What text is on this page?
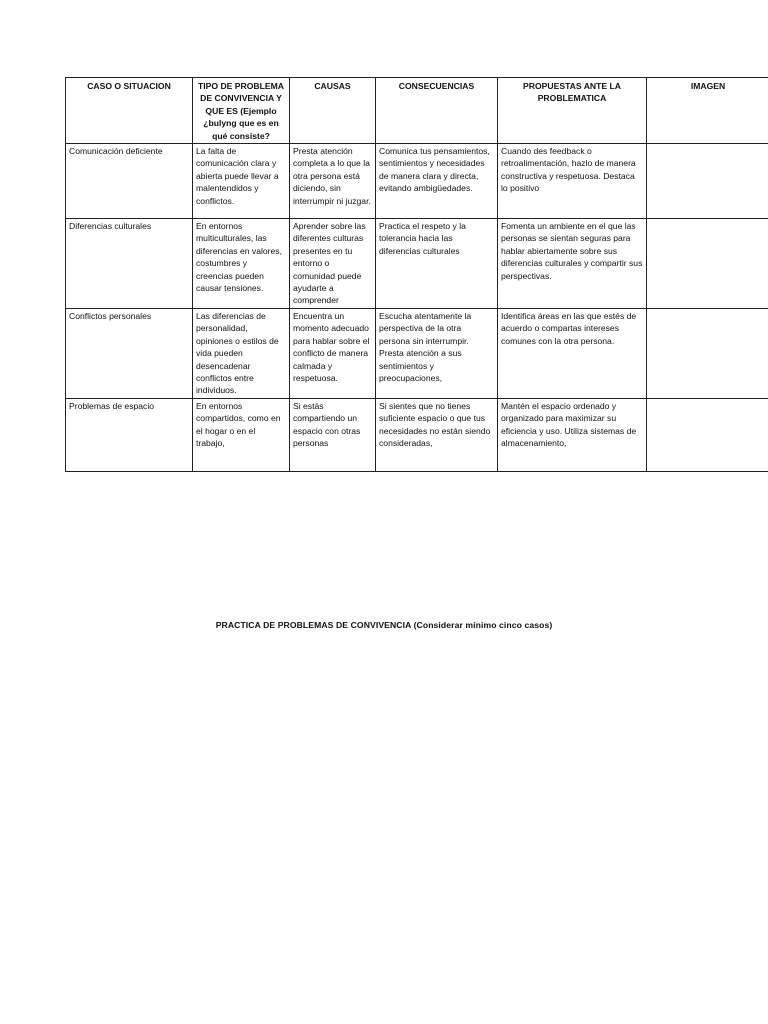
CASO O SITUACION	TIPO DE PROBLEMA DE CONVIVENCIA Y QUE ES (Ejemplo ¿bulyng que es en qué consiste?	CAUSAS	CONSECUENCIAS	PROPUESTAS ANTE LA PROBLEMATICA	IMAGEN
Comunicación deficiente	La falta de comunicación clara y abierta puede llevar a malentendidos y conflictos.	Presta atención completa a lo que la otra persona está diciendo, sin interrumpir ni juzgar.	Comunica tus pensamientos, sentimientos y necesidades de manera clara y directa, evitando ambigüedades.	Cuando des feedback o retroalimentación, hazlo de manera constructiva y respetuosa. Destaca lo positivo	
Diferencias culturales	En entornos multiculturales, las diferencias en valores, costumbres y creencias pueden causar tensiones.	Aprender sobre las diferentes culturas presentes en tu entorno o comunidad puede ayudarte a comprender	Practica el respeto y la tolerancia hacia las diferencias culturales	Fomenta un ambiente en el que las personas se sientan seguras para hablar abiertamente sobre sus diferencias culturales y compartir sus perspectivas.	
Conflictos personales	Las diferencias de personalidad, opiniones o estilos de vida pueden desencadenar conflictos entre individuos.	Encuentra un momento adecuado para hablar sobre el conflicto de manera calmada y respetuosa.	Escucha atentamente la perspectiva de la otra persona sin interrumpir. Presta atención a sus sentimientos y preocupaciones,	Identifica áreas en las que estés de acuerdo o compartas intereses comunes con la otra persona.	
Problemas de espacio	En entornos compartidos, como en el hogar o en el trabajo,	Si estás compartiendo un espacio con otras personas	Si sientes que no tienes suficiente espacio o que tus necesidades no están siendo consideradas,	Mantén el espacio ordenado y organizado para maximizar su eficiencia y uso. Utiliza sistemas de almacenamiento,	
PRACTICA DE PROBLEMAS DE CONVIVENCIA (Considerar mínimo cinco casos)
